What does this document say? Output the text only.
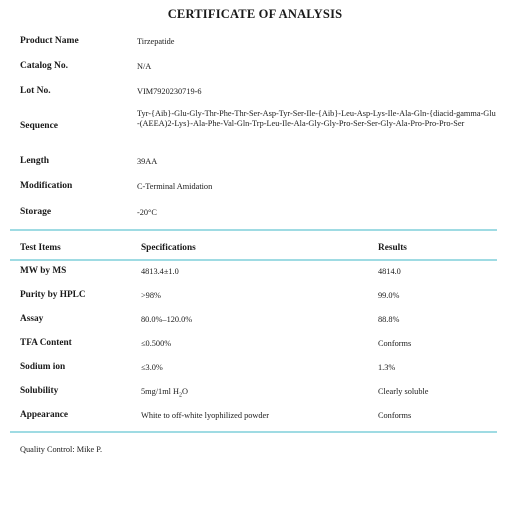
CERTIFICATE OF ANALYSIS
Product Name	Tirzepatide
Catalog No.	N/A
Lot No.	VIM7920230719-6
Sequence
Tyr-{Aib}-Glu-Gly-Thr-Phe-Thr-Ser-Asp-Tyr-Ser-Ile-{Aib}-Leu-Asp-Lys-Ile-Ala-Gln-{diacid-gamma-Glu-(AEEA)2-Lys}-Ala-Phe-Val-Gln-Trp-Leu-Ile-Ala-Gly-Gly-Pro-Ser-Ser-Gly-Ala-Pro-Pro-Pro-Ser
Length	39AA
Modification	C-Terminal Amidation
Storage	-20°C
Test Items	Specifications	Results
MW by MS	4813.4±1.0	4814.0
Purity by HPLC	>98%	99.0%
Assay	80.0%–120.0%	88.8%
TFA Content	≤0.500%	Conforms
Sodium ion	≤3.0%	1.3%
Solubility	5mg/1ml $H_2O$	Clearly soluble
Appearance	White to off-white lyophilized powder	Conforms
Quality Control: Mike P.
